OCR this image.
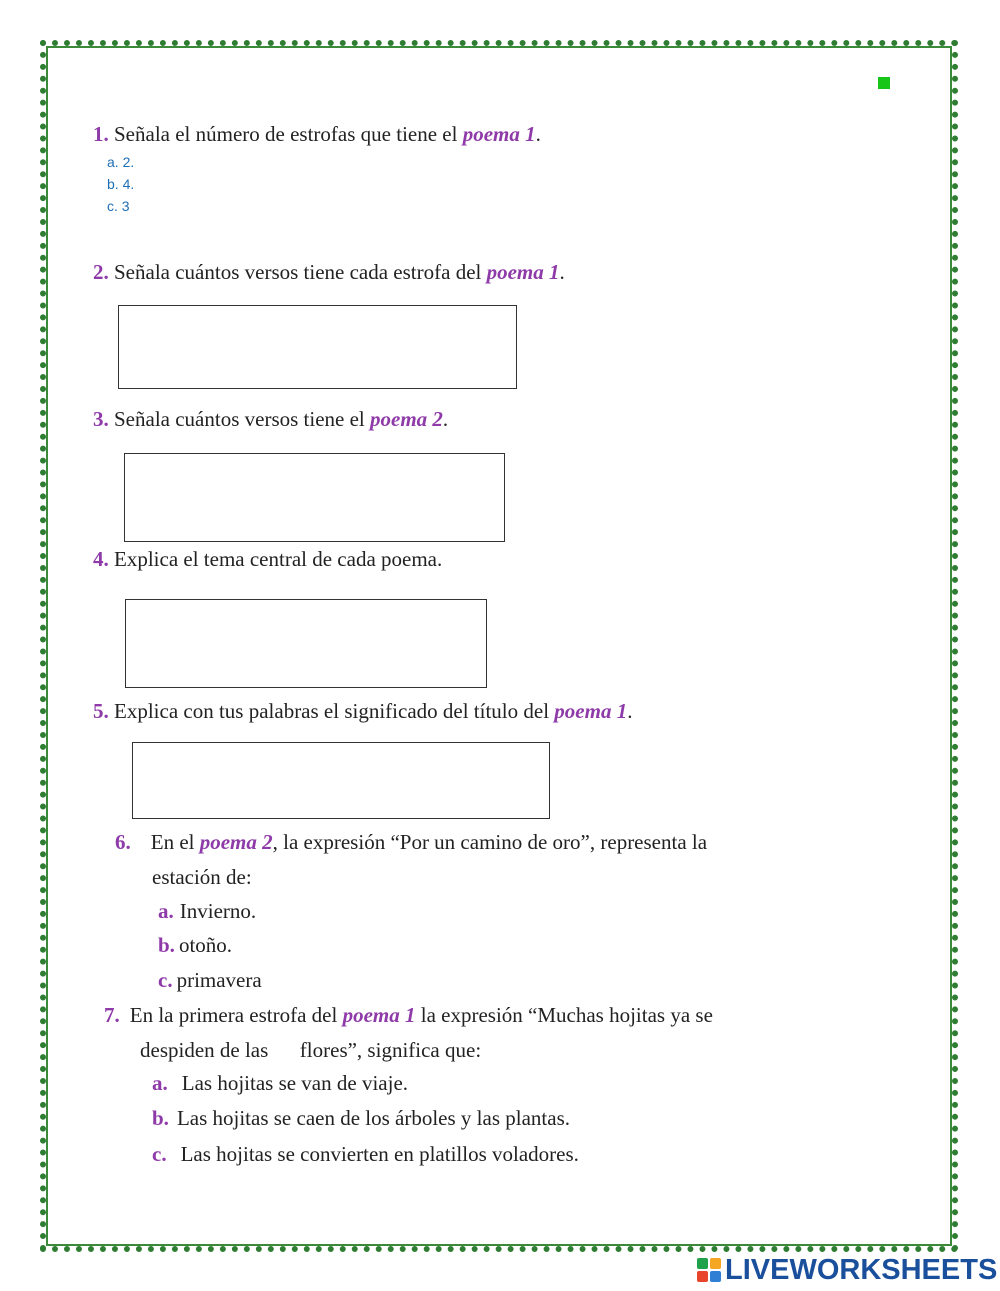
1. Señala el número de estrofas que tiene el poema 1.
a. 2.
b. 4.
c. 3
2. Señala cuántos versos tiene cada estrofa del poema 1.
3. Señala cuántos versos tiene el poema 2.
4. Explica el tema central de cada poema.
5. Explica con tus palabras el significado del título del poema 1.
6. En el poema 2, la expresión “Por un camino de oro”, representa la
estación de:
a. Invierno.
b. otoño.
c. primavera
7. En la primera estrofa del poema 1 la expresión “Muchas hojitas ya se
despiden de las      flores”, significa que:
a. Las hojitas se van de viaje.
b. Las hojitas se caen de los árboles y las plantas.
c. Las hojitas se convierten en platillos voladores.
LIVEWORKSHEETS
